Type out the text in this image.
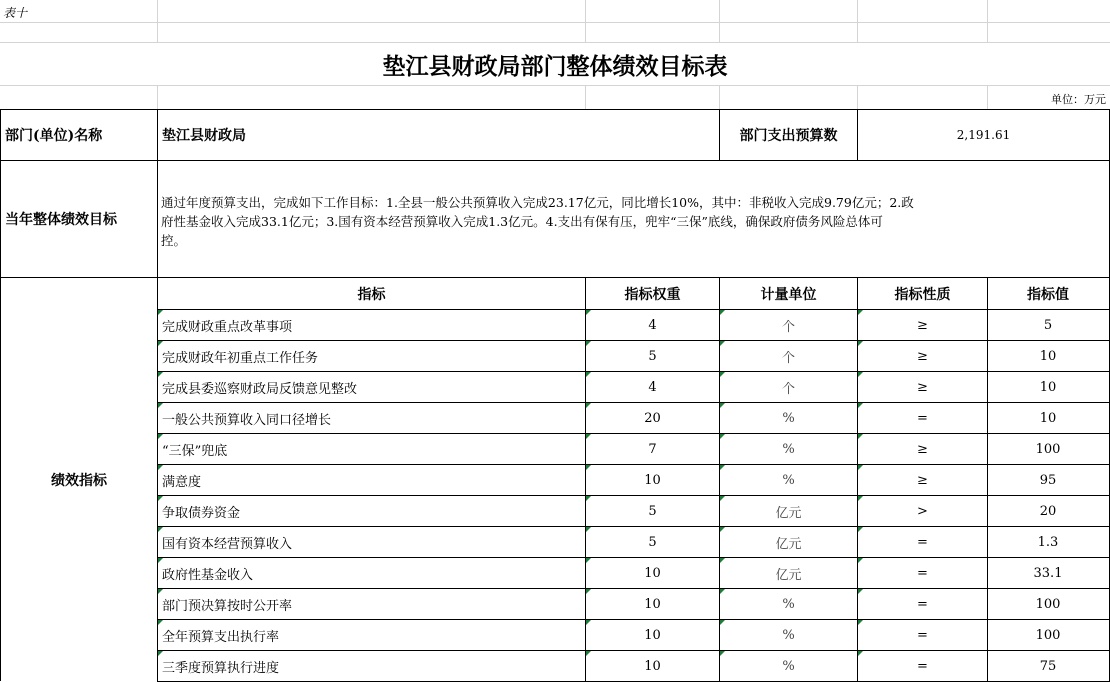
表十
垫江县财政局部门整体绩效目标表
单位：万元
部门(单位)名称	垫江县财政局	部门支出预算数	2,191.61
当年整体绩效目标
通过年度预算支出，完成如下工作目标：1.全县一般公共预算收入完成23.17亿元，同比增长10%，其中：非税收入完成9.79亿元；2.政
府性基金收入完成33.1亿元；3.国有资本经营预算收入完成1.3亿元。4.支出有保有压，兜牢“三保”底线，确保政府债务风险总体可
控。
绩效指标
指标	指标权重	计量单位	指标性质	指标值
完成财政重点改革事项	4	个	≥	5
完成财政年初重点工作任务	5	个	≥	10
完成县委巡察财政局反馈意见整改	4	个	≥	10
一般公共预算收入同口径增长	20	%	=	10
“三保”兜底	7	%	≥	100
满意度	10	%	≥	95
争取债券资金	5	亿元	>	20
国有资本经营预算收入	5	亿元	=	1.3
政府性基金收入	10	亿元	=	33.1
部门预决算按时公开率	10	%	=	100
全年预算支出执行率	10	%	=	100
三季度预算执行进度	10	%	=	75
